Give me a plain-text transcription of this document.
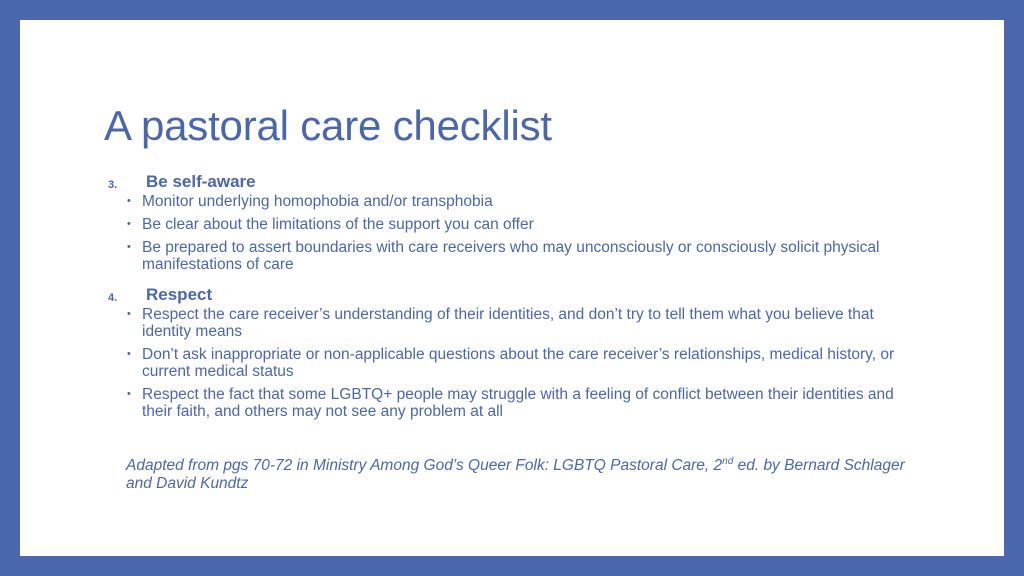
A pastoral care checklist
3. Be self-aware
• Monitor underlying homophobia and/or transphobia
• Be clear about the limitations of the support you can offer
• Be prepared to assert boundaries with care receivers who may unconsciously or consciously solicit physical manifestations of care
4. Respect
• Respect the care receiver’s understanding of their identities, and don’t try to tell them what you believe that identity means
• Don’t ask inappropriate or non-applicable questions about the care receiver’s relationships, medical history, or current medical status
• Respect the fact that some LGBTQ+ people may struggle with a feeling of conflict between their identities and their faith, and others may not see any problem at all

Adapted from pgs 70-72 in Ministry Among God’s Queer Folk: LGBTQ Pastoral Care, 2nd ed. by Bernard Schlager and David Kundtz
